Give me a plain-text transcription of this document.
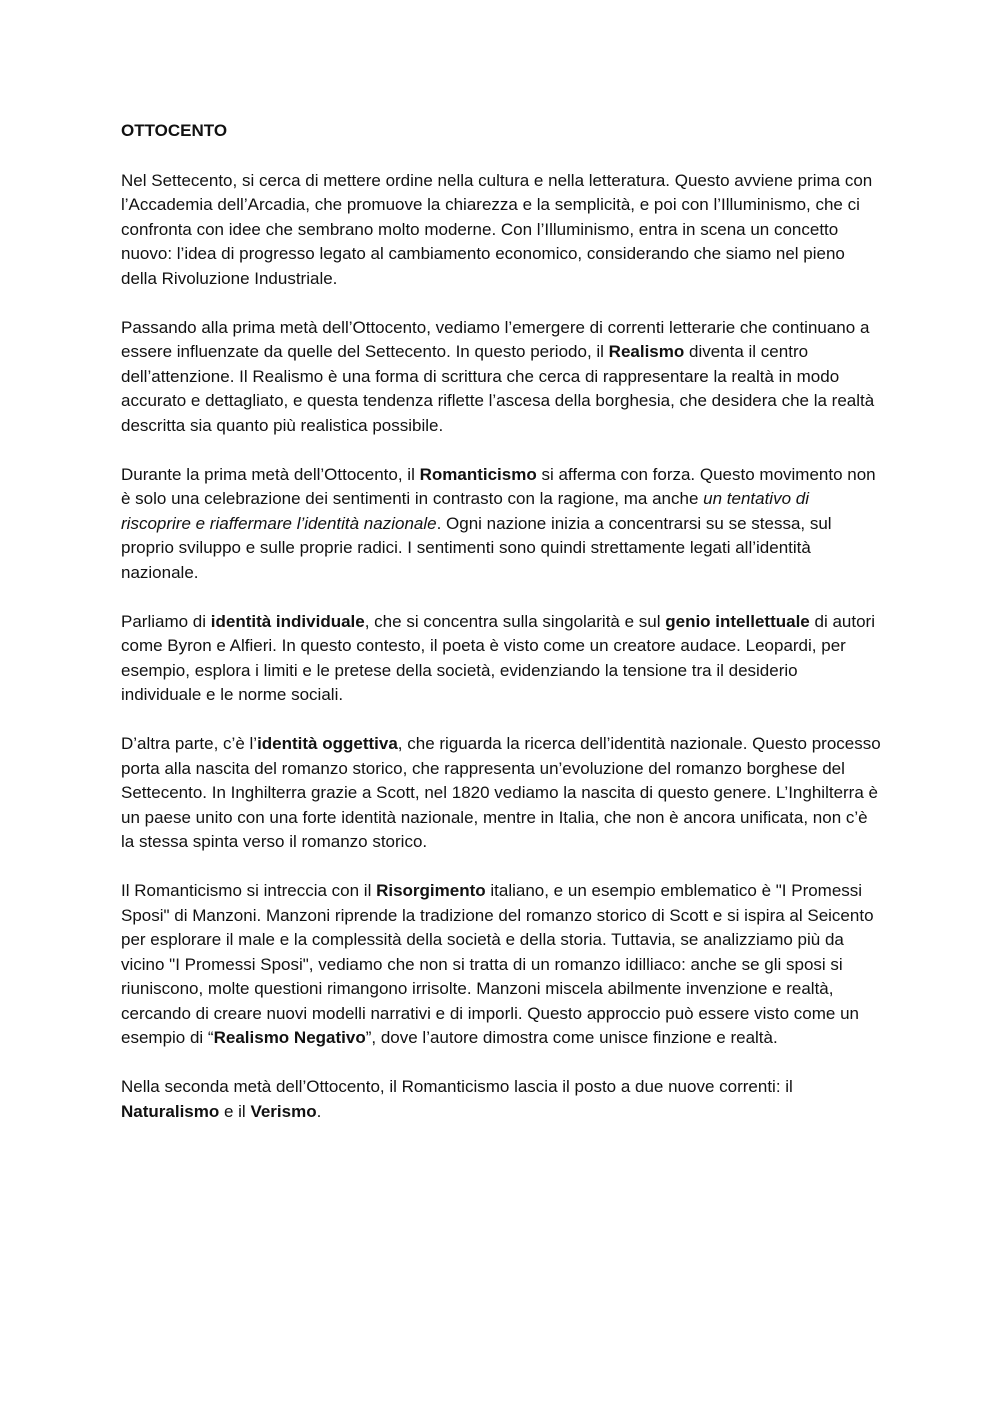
OTTOCENTO

Nel Settecento, si cerca di mettere ordine nella cultura e nella letteratura. Questo avviene prima con l’Accademia dell’Arcadia, che promuove la chiarezza e la semplicità, e poi con l’Illuminismo, che ci confronta con idee che sembrano molto moderne. Con l’Illuminismo, entra in scena un concetto nuovo: l’idea di progresso legato al cambiamento economico, considerando che siamo nel pieno della Rivoluzione Industriale.

Passando alla prima metà dell’Ottocento, vediamo l’emergere di correnti letterarie che continuano a essere influenzate da quelle del Settecento. In questo periodo, il Realismo diventa il centro dell’attenzione. Il Realismo è una forma di scrittura che cerca di rappresentare la realtà in modo accurato e dettagliato, e questa tendenza riflette l’ascesa della borghesia, che desidera che la realtà descritta sia quanto più realistica possibile.

Durante la prima metà dell’Ottocento, il Romanticismo si afferma con forza. Questo movimento non è solo una celebrazione dei sentimenti in contrasto con la ragione, ma anche un tentativo di riscoprire e riaffermare l’identità nazionale. Ogni nazione inizia a concentrarsi su se stessa, sul proprio sviluppo e sulle proprie radici. I sentimenti sono quindi strettamente legati all’identità nazionale.

Parliamo di identità individuale, che si concentra sulla singolarità e sul genio intellettuale di autori come Byron e Alfieri. In questo contesto, il poeta è visto come un creatore audace. Leopardi, per esempio, esplora i limiti e le pretese della società, evidenziando la tensione tra il desiderio individuale e le norme sociali.

D’altra parte, c’è l’identità oggettiva, che riguarda la ricerca dell’identità nazionale. Questo processo porta alla nascita del romanzo storico, che rappresenta un’evoluzione del romanzo borghese del Settecento. In Inghilterra grazie a Scott, nel 1820 vediamo la nascita di questo genere. L’Inghilterra è un paese unito con una forte identità nazionale, mentre in Italia, che non è ancora unificata, non c’è la stessa spinta verso il romanzo storico.

Il Romanticismo si intreccia con il Risorgimento italiano, e un esempio emblematico è "I Promessi Sposi" di Manzoni. Manzoni riprende la tradizione del romanzo storico di Scott e si ispira al Seicento per esplorare il male e la complessità della società e della storia. Tuttavia, se analizziamo più da vicino "I Promessi Sposi", vediamo che non si tratta di un romanzo idilliaco: anche se gli sposi si riuniscono, molte questioni rimangono irrisolte. Manzoni miscela abilmente invenzione e realtà, cercando di creare nuovi modelli narrativi e di imporli. Questo approccio può essere visto come un esempio di “Realismo Negativo”, dove l’autore dimostra come unisce finzione e realtà.

Nella seconda metà dell’Ottocento, il Romanticismo lascia il posto a due nuove correnti: il Naturalismo e il Verismo.
